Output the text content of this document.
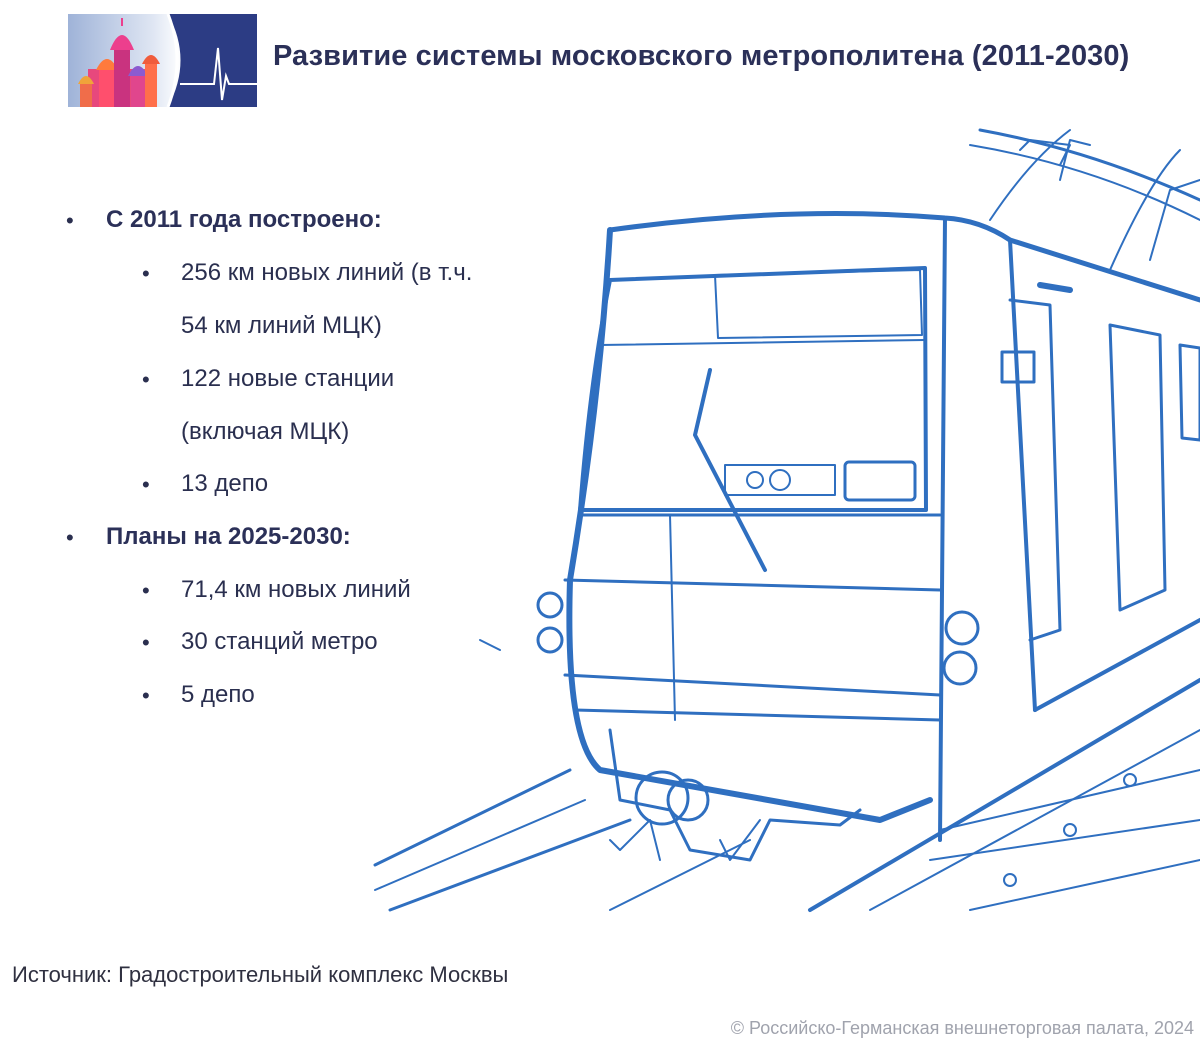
Развитие системы московского метрополитена (2011-2030)
• С 2011 года построено:
• 256 км новых линий (в т.ч.
54 км линий МЦК)
• 122 новые станции
(включая МЦК)
• 13 депо
• Планы на 2025-2030:
• 71,4 км новых линий
• 30 станций метро
• 5 депо
Источник: Градостроительный комплекс Москвы
© Российско-Германская внешнеторговая палата, 2024
